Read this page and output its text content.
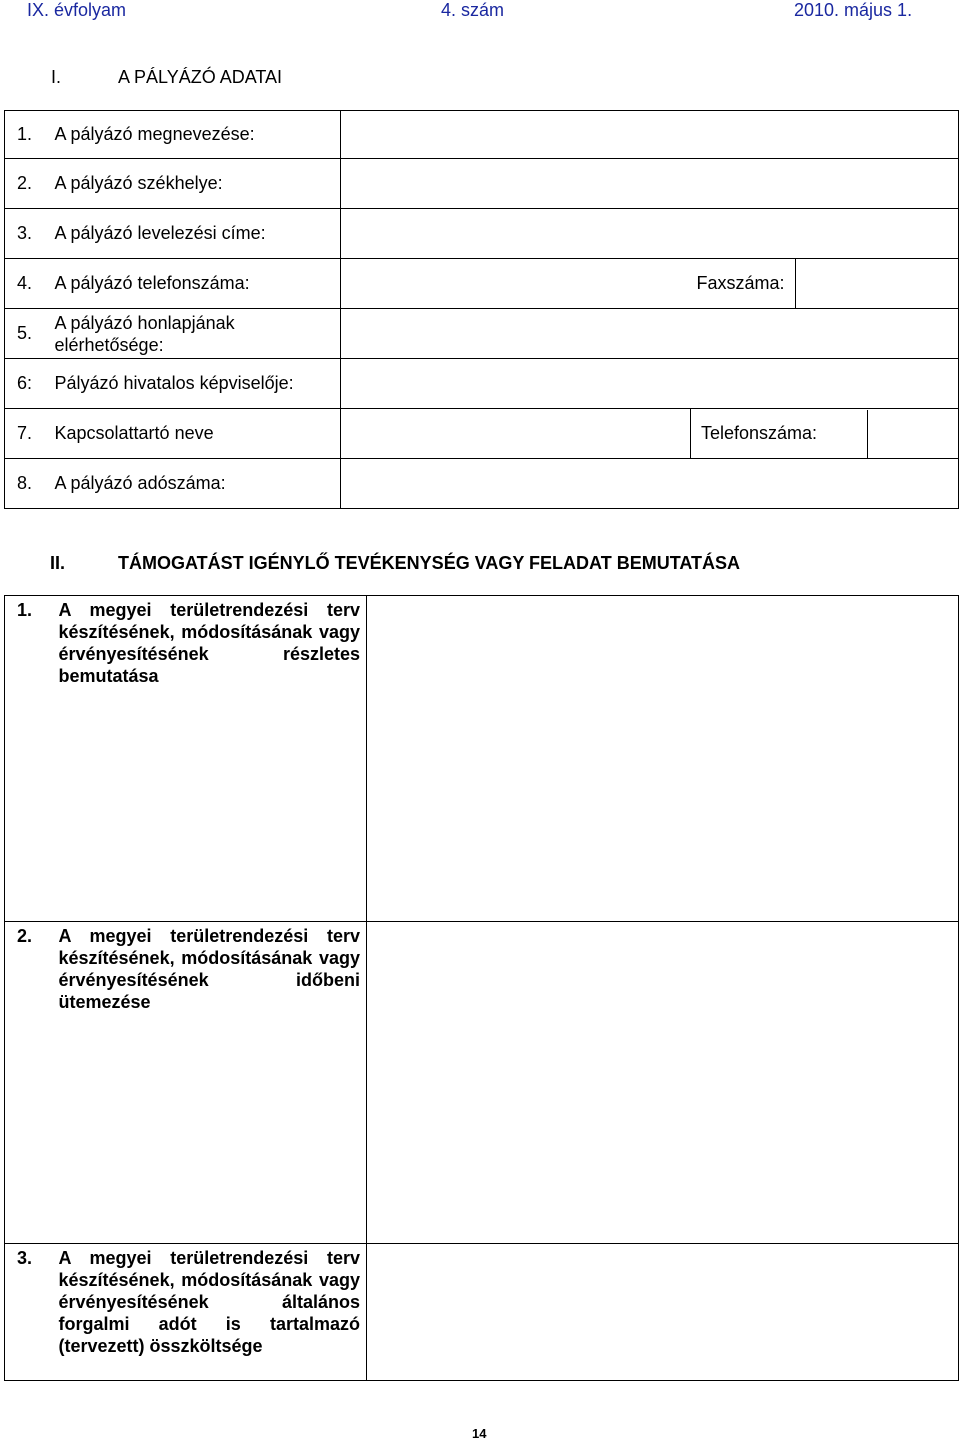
IX. évfolyam	4. szám	2010. május 1.
I.	A PÁLYÁZÓ ADATAI
1.	A pályázó megnevezése:			
2.	A pályázó székhelye:			
3.	A pályázó levelezési címe:			
4.	A pályázó telefonszáma:		Faxszáma:	
5.	A pályázó honlapjának elérhetősége:			
6:	Pályázó hivatalos képviselője:			
7.	Kapcsolattartó neve		Telefonszáma:	

8.	A pályázó adószáma:			
II.	TÁMOGATÁST IGÉNYLŐ TEVÉKENYSÉG VAGY FELADAT BEMUTATÁSA
1.	A megyei területrendezési terv készítésének, módosításának vagy érvényesítésének részletes bemutatása	
2.	A megyei területrendezési terv készítésének, módosításának vagy érvényesítésének időbeni ütemezése	
3.	A megyei területrendezési terv készítésének, módosításának vagy érvényesítésének általános forgalmi adót is tartalmazó (tervezett) összköltsége	
14
